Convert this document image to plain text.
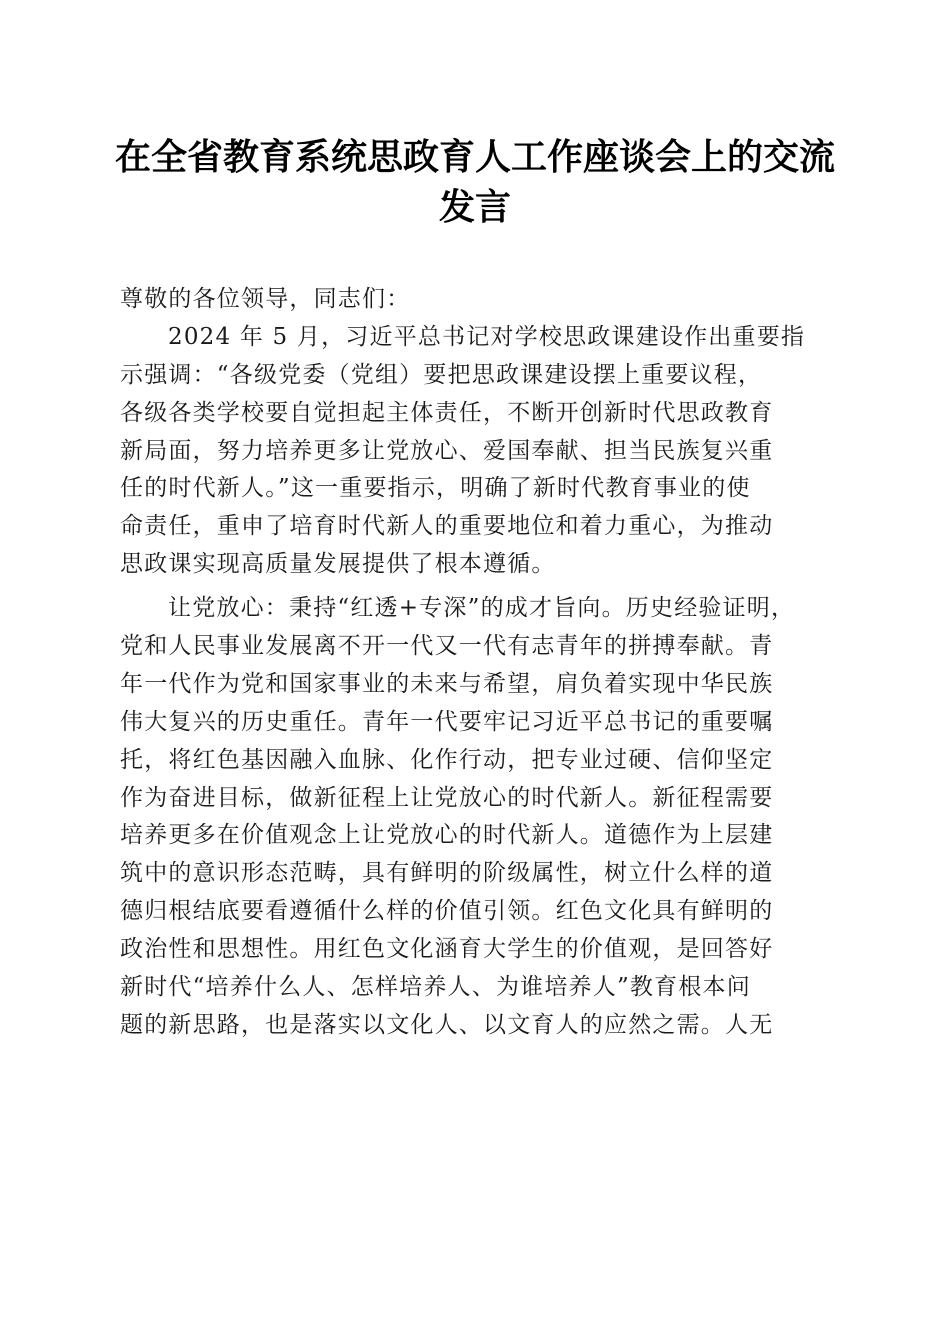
在全省教育系统思政育人工作座谈会上的交流
发言
尊敬的各位领导，同志们：
2024 年 5 月，习近平总书记对学校思政课建设作出重要指
示强调：“各级党委（党组）要把思政课建设摆上重要议程，
各级各类学校要自觉担起主体责任，不断开创新时代思政教育
新局面，努力培养更多让党放心、爱国奉献、担当民族复兴重
任的时代新人。”这一重要指示，明确了新时代教育事业的使
命责任，重申了培育时代新人的重要地位和着力重心，为推动
思政课实现高质量发展提供了根本遵循。
让党放心：秉持“红透+专深”的成才旨向。历史经验证明，
党和人民事业发展离不开一代又一代有志青年的拼搏奉献。青
年一代作为党和国家事业的未来与希望，肩负着实现中华民族
伟大复兴的历史重任。青年一代要牢记习近平总书记的重要嘱
托，将红色基因融入血脉、化作行动，把专业过硬、信仰坚定
作为奋进目标，做新征程上让党放心的时代新人。新征程需要
培养更多在价值观念上让党放心的时代新人。道德作为上层建
筑中的意识形态范畴，具有鲜明的阶级属性，树立什么样的道
德归根结底要看遵循什么样的价值引领。红色文化具有鲜明的
政治性和思想性。用红色文化涵育大学生的价值观，是回答好
新时代“培养什么人、怎样培养人、为谁培养人”教育根本问
题的新思路，也是落实以文化人、以文育人的应然之需。人无
